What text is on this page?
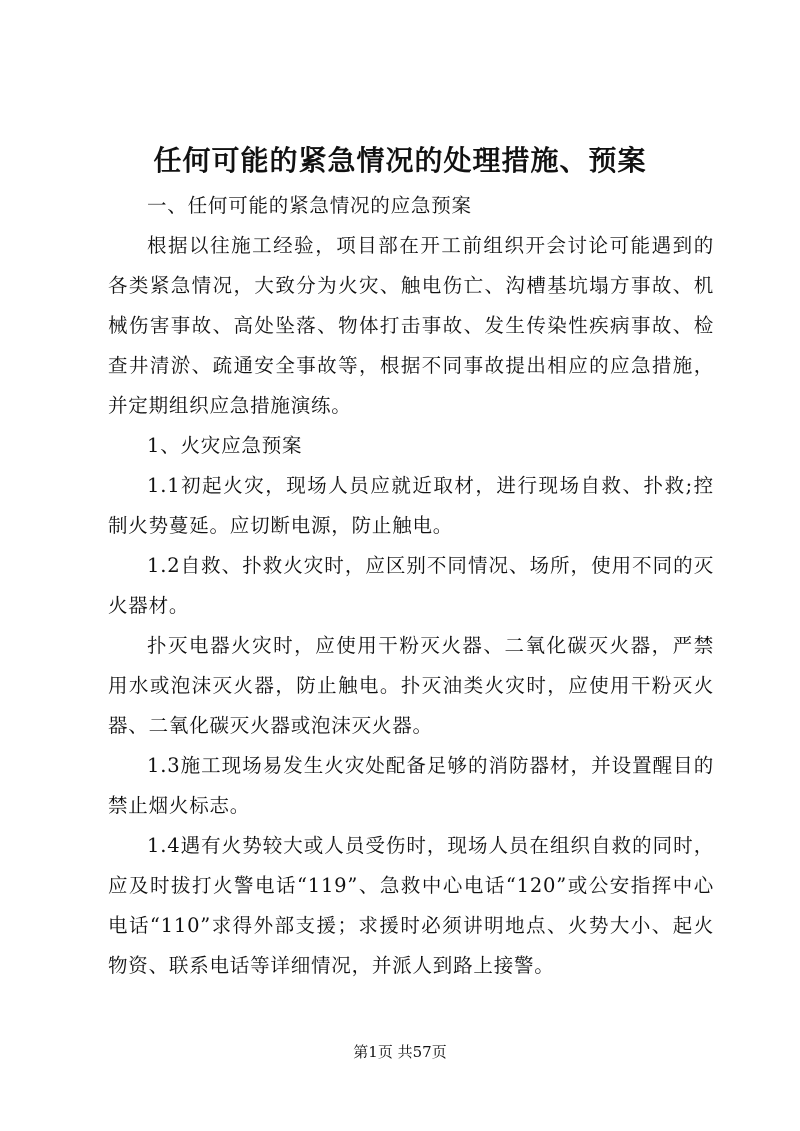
任何可能的紧急情况的处理措施、预案

一、任何可能的紧急情况的应急预案

根据以往施工经验，项目部在开工前组织开会讨论可能遇到的各类紧急情况，大致分为火灾、触电伤亡、沟槽基坑塌方事故、机械伤害事故、高处坠落、物体打击事故、发生传染性疾病事故、检查井清淤、疏通安全事故等，根据不同事故提出相应的应急措施，并定期组织应急措施演练。

1、火灾应急预案

1.1初起火灾，现场人员应就近取材，进行现场自救、扑救;控制火势蔓延。应切断电源，防止触电。

1.2自救、扑救火灾时，应区别不同情况、场所，使用不同的灭火器材。

扑灭电器火灾时，应使用干粉灭火器、二氧化碳灭火器，严禁用水或泡沫灭火器，防止触电。扑灭油类火灾时，应使用干粉灭火器、二氧化碳灭火器或泡沫灭火器。

1.3施工现场易发生火灾处配备足够的消防器材，并设置醒目的禁止烟火标志。

1.4遇有火势较大或人员受伤时，现场人员在组织自救的同时，应及时拔打火警电话“119”、急救中心电话“120”或公安指挥中心电话“110”求得外部支援；求援时必须讲明地点、火势大小、起火物资、联系电话等详细情况，并派人到路上接警。

第1页 共57页
